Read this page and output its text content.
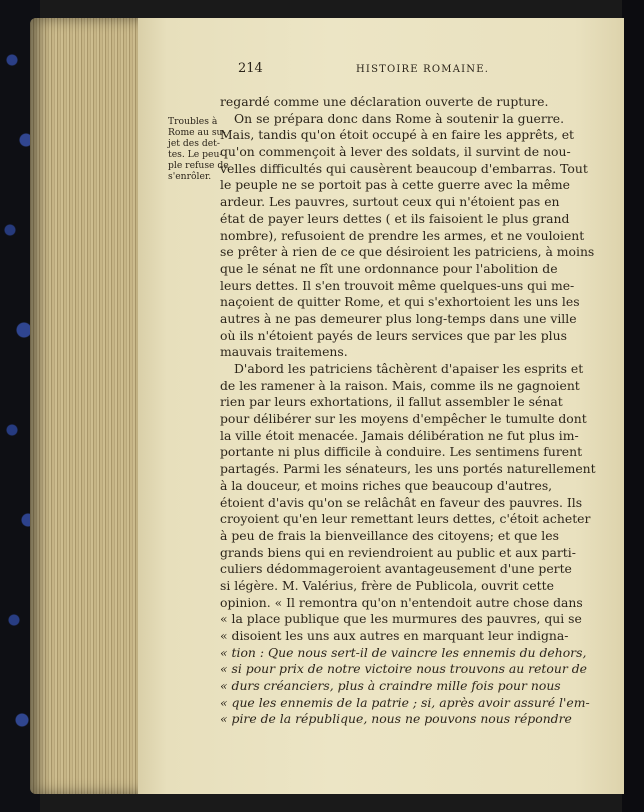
214	HISTOIRE ROMAINE.
Troubles à
Rome au su-
jet des det-
tes. Le peu-
ple refuse de
s'enrôler.
regardé comme une déclaration ouverte de rupture.
On se prépara donc dans Rome à soutenir la guerre.
Mais, tandis qu'on étoit occupé à en faire les apprêts, et
qu'on commençoit à lever des soldats, il survint de nou-
velles difficultés qui causèrent beaucoup d'embarras. Tout
le peuple ne se portoit pas à cette guerre avec la même
ardeur. Les pauvres, surtout ceux qui n'étoient pas en
état de payer leurs dettes ( et ils faisoient le plus grand
nombre), refusoient de prendre les armes, et ne vouloient
se prêter à rien de ce que désiroient les patriciens, à moins
que le sénat ne fît une ordonnance pour l'abolition de
leurs dettes. Il s'en trouvoit même quelques-uns qui me-
naçoient de quitter Rome, et qui s'exhortoient les uns les
autres à ne pas demeurer plus long-temps dans une ville
où ils n'étoient payés de leurs services que par les plus
mauvais traitemens.
D'abord les patriciens tâchèrent d'apaiser les esprits et
de les ramener à la raison. Mais, comme ils ne gagnoient
rien par leurs exhortations, il fallut assembler le sénat
pour délibérer sur les moyens d'empêcher le tumulte dont
la ville étoit menacée. Jamais délibération ne fut plus im-
portante ni plus difficile à conduire. Les sentimens furent
partagés. Parmi les sénateurs, les uns portés naturellement
à la douceur, et moins riches que beaucoup d'autres,
étoient d'avis qu'on se relâchât en faveur des pauvres. Ils
croyoient qu'en leur remettant leurs dettes, c'étoit acheter
à peu de frais la bienveillance des citoyens; et que les
grands biens qui en reviendroient au public et aux parti-
culiers dédommageroient avantageusement d'une perte
si légère. M. Valérius, frère de Publicola, ouvrit cette
opinion. « Il remontra qu'on n'entendoit autre chose dans
« la place publique que les murmures des pauvres, qui se
« disoient les uns aux autres en marquant leur indigna-
« tion : Que nous sert-il de vaincre les ennemis du dehors,
« si pour prix de notre victoire nous trouvons au retour de
« durs créanciers, plus à craindre mille fois pour nous
« que les ennemis de la patrie ; si, après avoir assuré l'em-
« pire de la république, nous ne pouvons nous répondre
